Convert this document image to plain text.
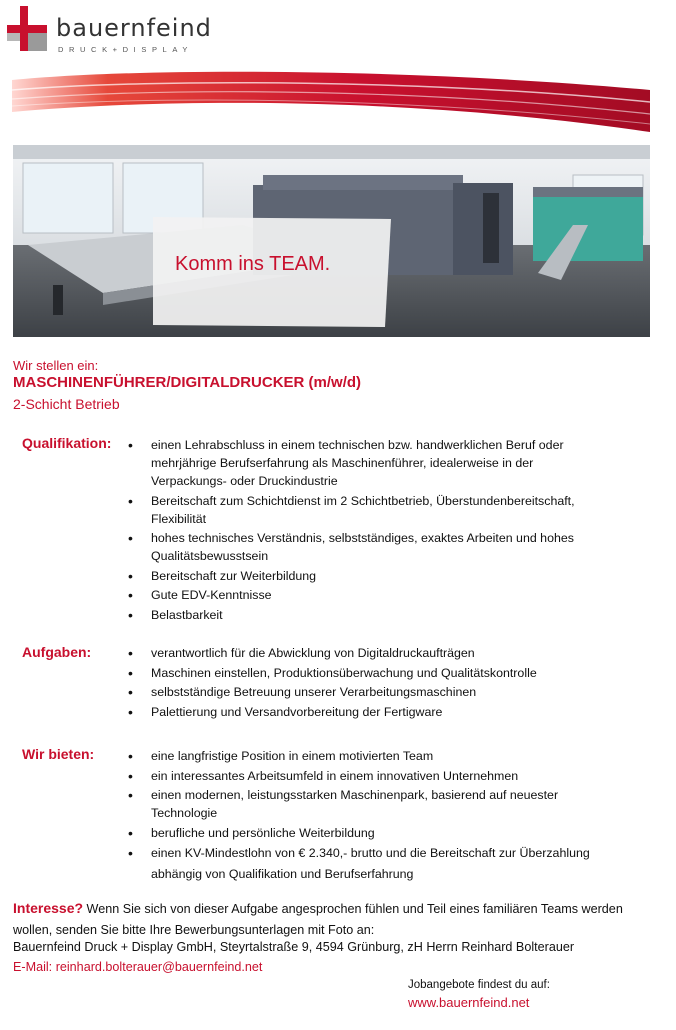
bauernfeind
DRUCK+DISPLAY
Komm ins TEAM.
Wir stellen ein:
MASCHINENFÜHRER/DIGITALDRUCKER (m/w/d)
2-Schicht Betrieb
Qualifikation:	• einen Lehrabschluss in einem technischen bzw. handwerklichen Beruf oder mehrjährige Berufserfahrung als Maschinenführer, idealerweise in der Verpackungs- oder Druckindustrie
• Bereitschaft zum Schichtdienst im 2 Schichtbetrieb, Überstundenbereitschaft, Flexibilität
• hohes technisches Verständnis, selbstständiges, exaktes Arbeiten und hohes Qualitätsbewusstsein
• Bereitschaft zur Weiterbildung
• Gute EDV-Kenntnisse
• Belastbarkeit
Aufgaben:	• verantwortlich für die Abwicklung von Digitaldruckaufträgen
• Maschinen einstellen, Produktionsüberwachung und Qualitätskontrolle
• selbstständige Betreuung unserer Verarbeitungsmaschinen
• Palettierung und Versandvorbereitung der Fertigware
Wir bieten:	• eine langfristige Position in einem motivierten Team
• ein interessantes Arbeitsumfeld in einem innovativen Unternehmen
• einen modernen, leistungsstarken Maschinenpark, basierend auf neuester Technologie
• berufliche und persönliche Weiterbildung
• einen KV-Mindestlohn von € 2.340,- brutto und die Bereitschaft zur Überzahlung abhängig von Qualifikation und Berufserfahrung
Interesse? Wenn Sie sich von dieser Aufgabe angesprochen fühlen und Teil eines familiären Teams werden wollen, senden Sie bitte Ihre Bewerbungsunterlagen mit Foto an:
Bauernfeind Druck + Display GmbH, Steyrtalstraße 9, 4594 Grünburg, zH Herrn Reinhard Bolterauer
E-Mail: reinhard.bolterauer@bauernfeind.net
Jobangebote findest du auf:
www.bauernfeind.net
